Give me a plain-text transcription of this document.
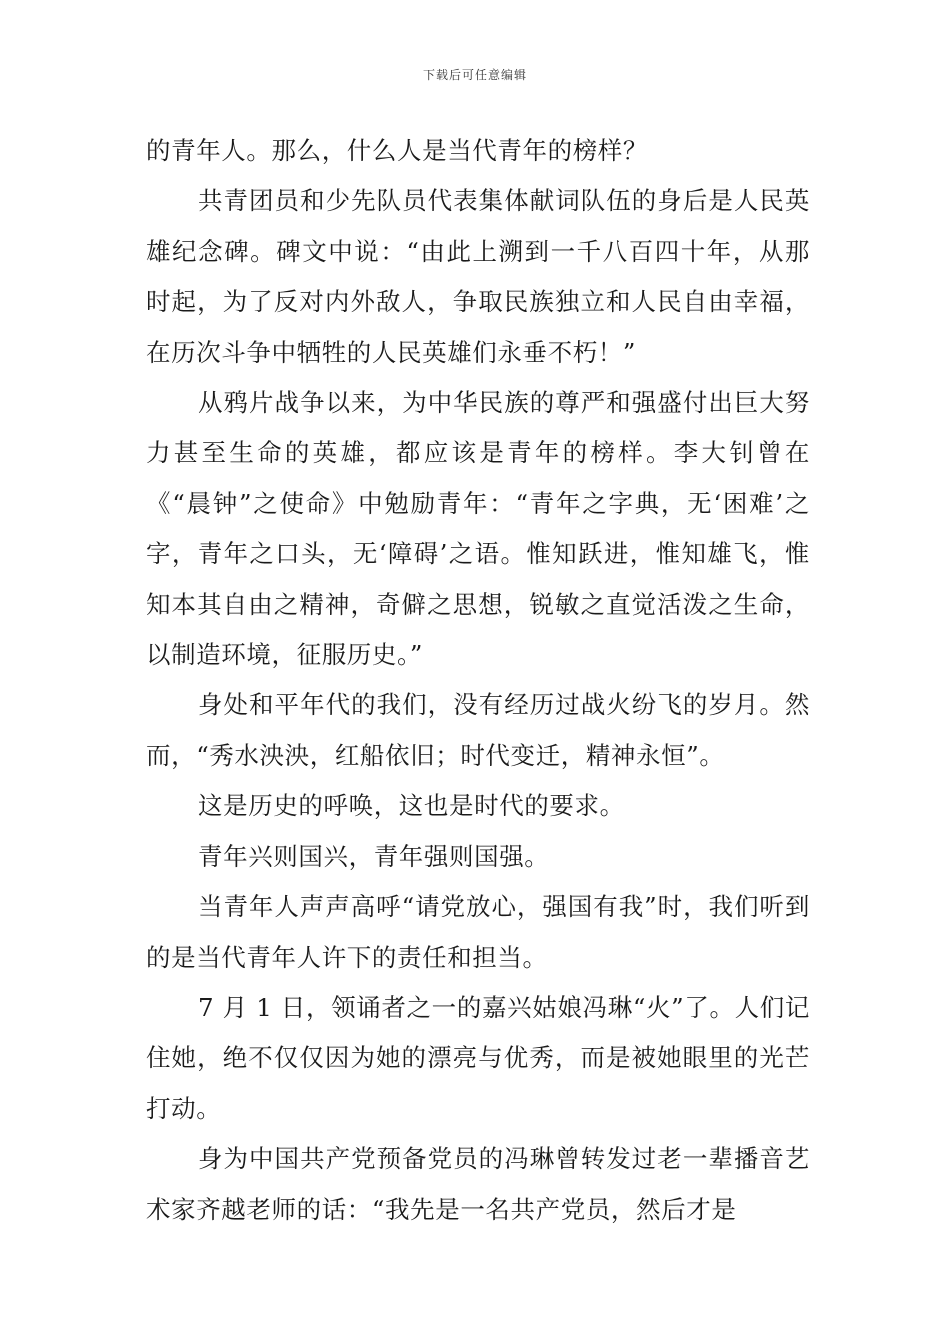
下载后可任意编辑

的青年人。那么，什么人是当代青年的榜样？

共青团员和少先队员代表集体献词队伍的身后是人民英雄纪念碑。碑文中说：“由此上溯到一千八百四十年，从那时起，为了反对内外敌人，争取民族独立和人民自由幸福，在历次斗争中牺牲的人民英雄们永垂不朽！”

从鸦片战争以来，为中华民族的尊严和强盛付出巨大努力甚至生命的英雄，都应该是青年的榜样。李大钊曾在《“晨钟”之使命》中勉励青年：“青年之字典，无‘困难’之字，青年之口头，无‘障碍’之语。惟知跃进，惟知雄飞，惟知本其自由之精神，奇僻之思想，锐敏之直觉活泼之生命，以制造环境，征服历史。”

身处和平年代的我们，没有经历过战火纷飞的岁月。然而，“秀水泱泱，红船依旧；时代变迁，精神永恒”。

这是历史的呼唤，这也是时代的要求。

青年兴则国兴，青年强则国强。

当青年人声声高呼“请党放心，强国有我”时，我们听到的是当代青年人许下的责任和担当。

7 月 1 日，领诵者之一的嘉兴姑娘冯琳“火”了。人们记住她，绝不仅仅因为她的漂亮与优秀，而是被她眼里的光芒打动。

身为中国共产党预备党员的冯琳曾转发过老一辈播音艺术家齐越老师的话：“我先是一名共产党员，然后才是
